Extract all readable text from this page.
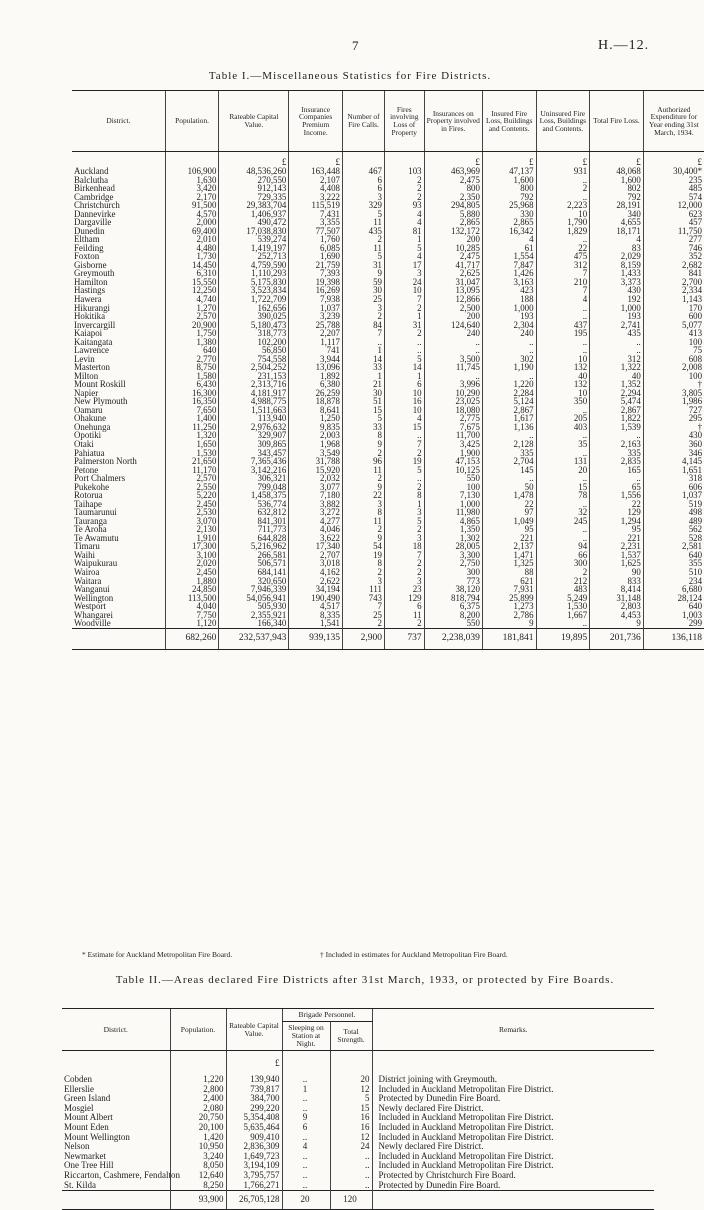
7	H.—12.
Table I.—Miscellaneous Statistics for Fire Districts.
District.	Population.	Rateable Capital Value.	Insurance Companies Premium Income.	Number of Fire Calls.	Fires involving Loss of Property	Insurances on Property involved in Fires.	Insured Fire Loss, Buildings and Contents.	Uninsured Fire Loss, Buildings and Contents.	Total Fire Loss.	Authorized Expenditure for Year ending 31st March, 1934.
		£	£			£	£	£	£	£
Auckland	106,900	48,536,260	163,448	467	103	463,969	47,137	931	48,068	30,400*
Balclutha	1,630	270,550	2,107	6	2	2,475	1,600	..	1,600	235
Birkenhead	3,420	912,143	4,408	6	2	800	800	2	802	485
Cambridge	2,170	729,335	3,222	3	2	2,350	792	..	792	574
Christchurch	91,500	29,383,704	115,519	329	93	294,805	25,968	2,223	28,191	12,000
Dannevirke	4,570	1,406,937	7,431	5	4	5,880	330	10	340	623
Dargaville	2,000	490,472	3,355	11	4	2,865	2,865	1,790	4,655	457
Dunedin	69,400	17,038,830	77,507	435	81	132,172	16,342	1,829	18,171	11,750
Eltham	2,010	539,274	1,760	2	1	200	4	..	4	277
Feilding	4,480	1,419,197	6,085	11	5	10,285	61	22	83	746
Foxton	1,730	252,713	1,690	5	4	2,475	1,554	475	2,029	352
Gisborne	14,450	4,759,590	21,759	31	17	41,717	7,847	312	8,159	2,682
Greymouth	6,310	1,110,293	7,393	9	3	2,625	1,426	7	1,433	841
Hamilton	15,550	5,175,830	19,398	59	24	31,047	3,163	210	3,373	2,700
Hastings	12,250	3,523,834	16,269	30	10	13,095	423	7	430	2,334
Hawera	4,740	1,722,709	7,938	25	7	12,866	188	4	192	1,143
Hikurangi	1,270	162,656	1,037	3	2	2,500	1,000	..	1,000	170
Hokitika	2,570	390,025	3,239	2	1	200	193	..	193	600
Invercargill	20,900	5,180,473	25,788	84	31	124,640	2,304	437	2,741	5,077
Kaiapoi	1,750	318,773	2,207	7	2	240	240	195	435	413
Kaitangata	1,380	102,200	1,117	..	..	..	..	..	..	100
Lawrence	640	56,850	741	1	..	..	..	..	..	75
Levin	2,770	754,558	3,944	14	5	3,500	302	10	312	608
Masterton	8,750	2,504,252	13,096	33	14	11,745	1,190	132	1,322	2,008
Milton	1,580	231,153	1,892	1	1	..	..	40	40	100
Mount Roskill	6,430	2,313,716	6,380	21	6	3,996	1,220	132	1,352	†
Napier	16,300	4,181,917	26,259	30	10	10,290	2,284	10	2,294	3,805
New Plymouth	16,350	4,988,775	18,878	51	16	23,025	5,124	350	5,474	1,986
Oamaru	7,650	1,511,663	8,641	15	10	18,080	2,867	..	2,867	727
Ohakune	1,400	113,940	1,250	5	4	2,775	1,617	205	1,822	295
Onehunga	11,250	2,976,632	9,835	33	15	7,675	1,136	403	1,539	†
Opotiki	1,320	329,907	2,003	8	..	11,700	..	..	..	430
Otaki	1,650	309,865	1,968	9	7	3,425	2,128	35	2,163	360
Pahiatua	1,530	343,457	3,549	2	2	1,900	335	..	335	346
Palmerston North	21,650	7,365,436	31,788	96	19	47,153	2,704	131	2,835	4,145
Petone	11,170	3,142,216	15,920	11	5	10,125	145	20	165	1,651
Port Chalmers	2,570	306,321	2,032	2	..	550	..	..	..	318
Pukekohe	2,550	799,048	3,077	9	2	100	50	15	65	606
Rotorua	5,220	1,458,375	7,180	22	8	7,130	1,478	78	1,556	1,037
Taihape	2,450	536,774	3,882	3	1	1,000	22	..	22	519
Taumarunui	2,530	632,812	3,272	8	3	11,980	97	32	129	498
Tauranga	3,070	841,301	4,277	11	5	4,865	1,049	245	1,294	489
Te Aroha	2,130	711,773	4,046	2	2	1,350	95	..	95	562
Te Awamutu	1,910	644,828	3,622	9	3	1,302	221	..	221	528
Timaru	17,300	5,216,962	17,340	54	18	28,005	2,137	94	2,231	2,581
Waihi	3,100	266,581	2,707	19	7	3,300	1,471	66	1,537	640
Waipukurau	2,020	506,571	3,018	8	2	2,750	1,325	300	1,625	355
Wairoa	2,450	684,141	4,162	2	2	300	88	2	90	510
Waitara	1,880	320,650	2,622	3	3	773	621	212	833	234
Wanganui	24,850	7,946,339	34,194	111	23	38,120	7,931	483	8,414	6,680
Wellington	113,500	54,056,941	190,490	743	129	818,794	25,899	5,249	31,148	28,124
Westport	4,040	505,930	4,517	7	6	6,375	1,273	1,530	2,803	640
Whangarei	7,750	2,355,921	8,335	25	11	8,200	2,786	1,667	4,453	1,003
Woodville	1,120	166,340	1,541	2	2	550	9	..	9	299
	682,260	232,537,943	939,135	2,900	737	2,238,039	181,841	19,895	201,736	136,118
* Estimate for Auckland Metropolitan Fire Board.	† Included in estimates for Auckland Metropolitan Fire Board.
Table II.—Areas declared Fire Districts after 31st March, 1933, or protected by Fire Boards.
District.	Population.	Rateable Capital Value.	Brigade Personnel.		Remarks.
			Sleeping on Station at Night.	Total Strength.	
		£			

Cobden	1,220	139,940	..	20	District joining with Greymouth.
Ellerslie	2,800	739,817	1	12	Included in Auckland Metropolitan Fire District.
Green Island	2,400	384,700	..	5	Protected by Dunedin Fire Board.
Mosgiel	2,080	299,220	..	15	Newly declared Fire District.
Mount Albert	20,750	5,354,408	9	16	Included in Auckland Metropolitan Fire District.
Mount Eden	20,100	5,635,464	6	16	Included in Auckland Metropolitan Fire District.
Mount Wellington	1,420	909,410	..	12	Included in Auckland Metropolitan Fire District.
Nelson	10,950	2,836,309	4	24	Newly declared Fire District.
Newmarket	3,240	1,649,723	..	..	Included in Auckland Metropolitan Fire District.
One Tree Hill	8,050	3,194,109	..	..	Included in Auckland Metropolitan Fire District.
Riccarton, Cashmere, Fendalton	12,640	3,795,757	..	..	Protected by Christchurch Fire Board.
St. Kilda	8,250	1,766,271	..	..	Protected by Dunedin Fire Board.
	93,900	26,705,128	20	120	
